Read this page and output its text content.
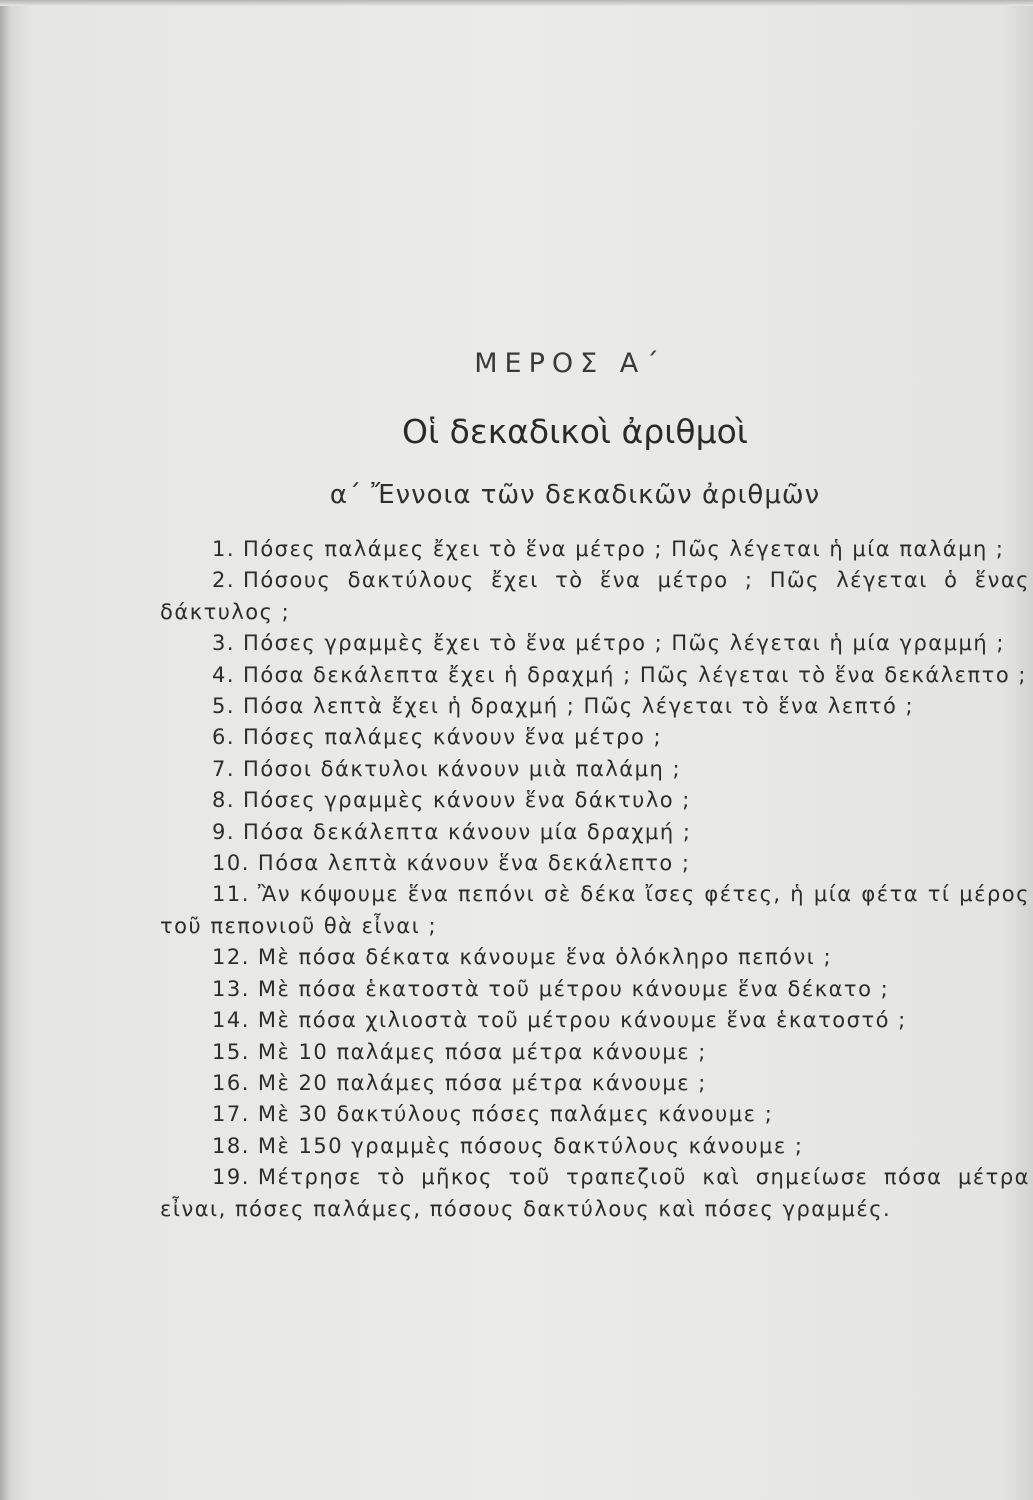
ΜΕΡΟΣ Α΄
Οἱ δεκαδικοὶ ἀριθμοὶ
α΄ Ἔννοια τῶν δεκαδικῶν ἀριθμῶν
1. Πόσες παλάμες ἔχει τὸ ἕνα μέτρο ; Πῶς λέγεται ἡ μία παλάμη ;
2. Πόσους δακτύλους ἔχει τὸ ἕνα μέτρο ; Πῶς λέγεται ὁ ἕνας δάκτυλος ;
3. Πόσες γραμμὲς ἔχει τὸ ἕνα μέτρο ; Πῶς λέγεται ἡ μία γραμμή ;
4. Πόσα δεκάλεπτα ἔχει ἡ δραχμή ; Πῶς λέγεται τὸ ἕνα δεκάλεπτο ;
5. Πόσα λεπτὰ ἔχει ἡ δραχμή ; Πῶς λέγεται τὸ ἕνα λεπτό ;
6. Πόσες παλάμες κάνουν ἕνα μέτρο ;
7. Πόσοι δάκτυλοι κάνουν μιὰ παλάμη ;
8. Πόσες γραμμὲς κάνουν ἕνα δάκτυλο ;
9. Πόσα δεκάλεπτα κάνουν μία δραχμή ;
10. Πόσα λεπτὰ κάνουν ἕνα δεκάλεπτο ;
11. Ἂν κόψουμε ἕνα πεπόνι σὲ δέκα ἴσες φέτες, ἡ μία φέτα τί μέρος τοῦ πεπονιοῦ θὰ εἶναι ;
12. Μὲ πόσα δέκατα κάνουμε ἕνα ὁλόκληρο πεπόνι ;
13. Μὲ πόσα ἑκατοστὰ τοῦ μέτρου κάνουμε ἕνα δέκατο ;
14. Μὲ πόσα χιλιοστὰ τοῦ μέτρου κάνουμε ἕνα ἑκατοστό ;
15. Μὲ 10 παλάμες πόσα μέτρα κάνουμε ;
16. Μὲ 20 παλάμες πόσα μέτρα κάνουμε ;
17. Μὲ 30 δακτύλους πόσες παλάμες κάνουμε ;
18. Μὲ 150 γραμμὲς πόσους δακτύλους κάνουμε ;
19. Μέτρησε τὸ μῆκος τοῦ τραπεζιοῦ καὶ σημείωσε πόσα μέτρα εἶναι, πόσες παλάμες, πόσους δακτύλους καὶ πόσες γραμμές.
